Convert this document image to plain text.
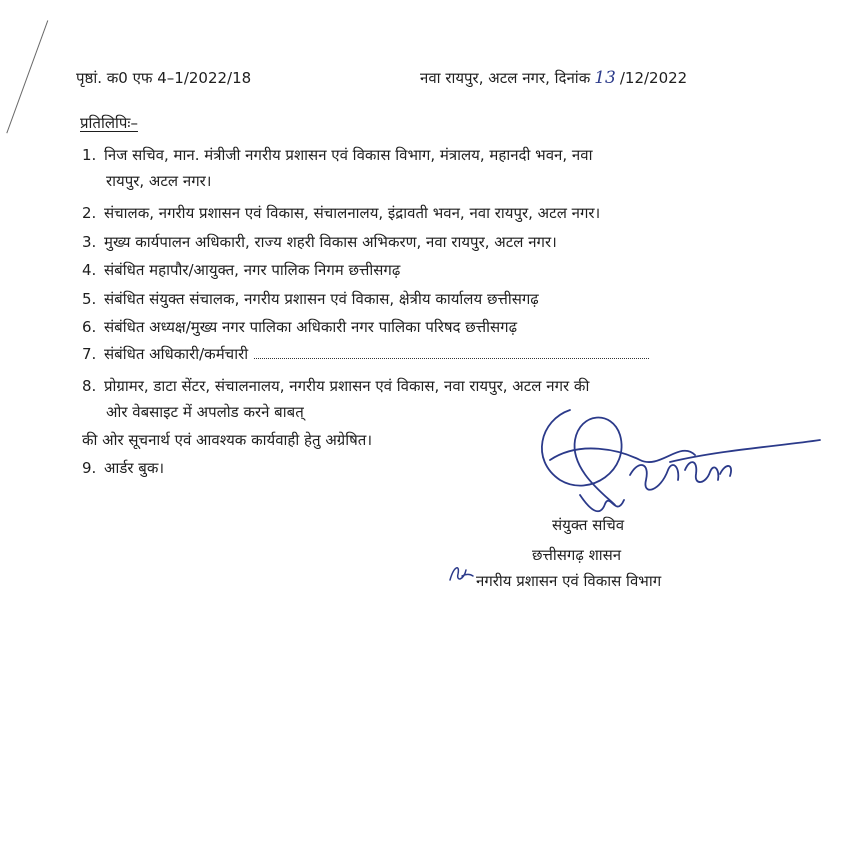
पृष्ठां. क0 एफ 4–1/2022/18	नवा रायपुर, अटल नगर, दिनांक 13 /12/2022
प्रतिलिपिः–
1. निज सचिव, मान. मंत्रीजी नगरीय प्रशासन एवं विकास विभाग, मंत्रालय, महानदी भवन, नवा
रायपुर, अटल नगर।
2. संचालक, नगरीय प्रशासन एवं विकास, संचालनालय, इंद्रावती भवन, नवा रायपुर, अटल नगर।
3. मुख्य कार्यपालन अधिकारी, राज्य शहरी विकास अभिकरण, नवा रायपुर, अटल नगर।
4. संबंधित महापौर/आयुक्त, नगर पालिक निगम छत्तीसगढ़
5. संबंधित संयुक्त संचालक, नगरीय प्रशासन एवं विकास, क्षेत्रीय कार्यालय छत्तीसगढ़
6. संबंधित अध्यक्ष/मुख्य नगर पालिका अधिकारी नगर पालिका परिषद छत्तीसगढ़
7. संबंधित अधिकारी/कर्मचारी
8. प्रोग्रामर, डाटा सेंटर, संचालनालय, नगरीय प्रशासन एवं विकास, नवा रायपुर, अटल नगर की
ओर वेबसाइट में अपलोड करने बाबत्
की ओर सूचनार्थ एवं आवश्यक कार्यवाही हेतु अग्रेषित।
9. आर्डर बुक।
संयुक्त सचिव
छत्तीसगढ़ शासन
नगरीय प्रशासन एवं विकास विभाग
